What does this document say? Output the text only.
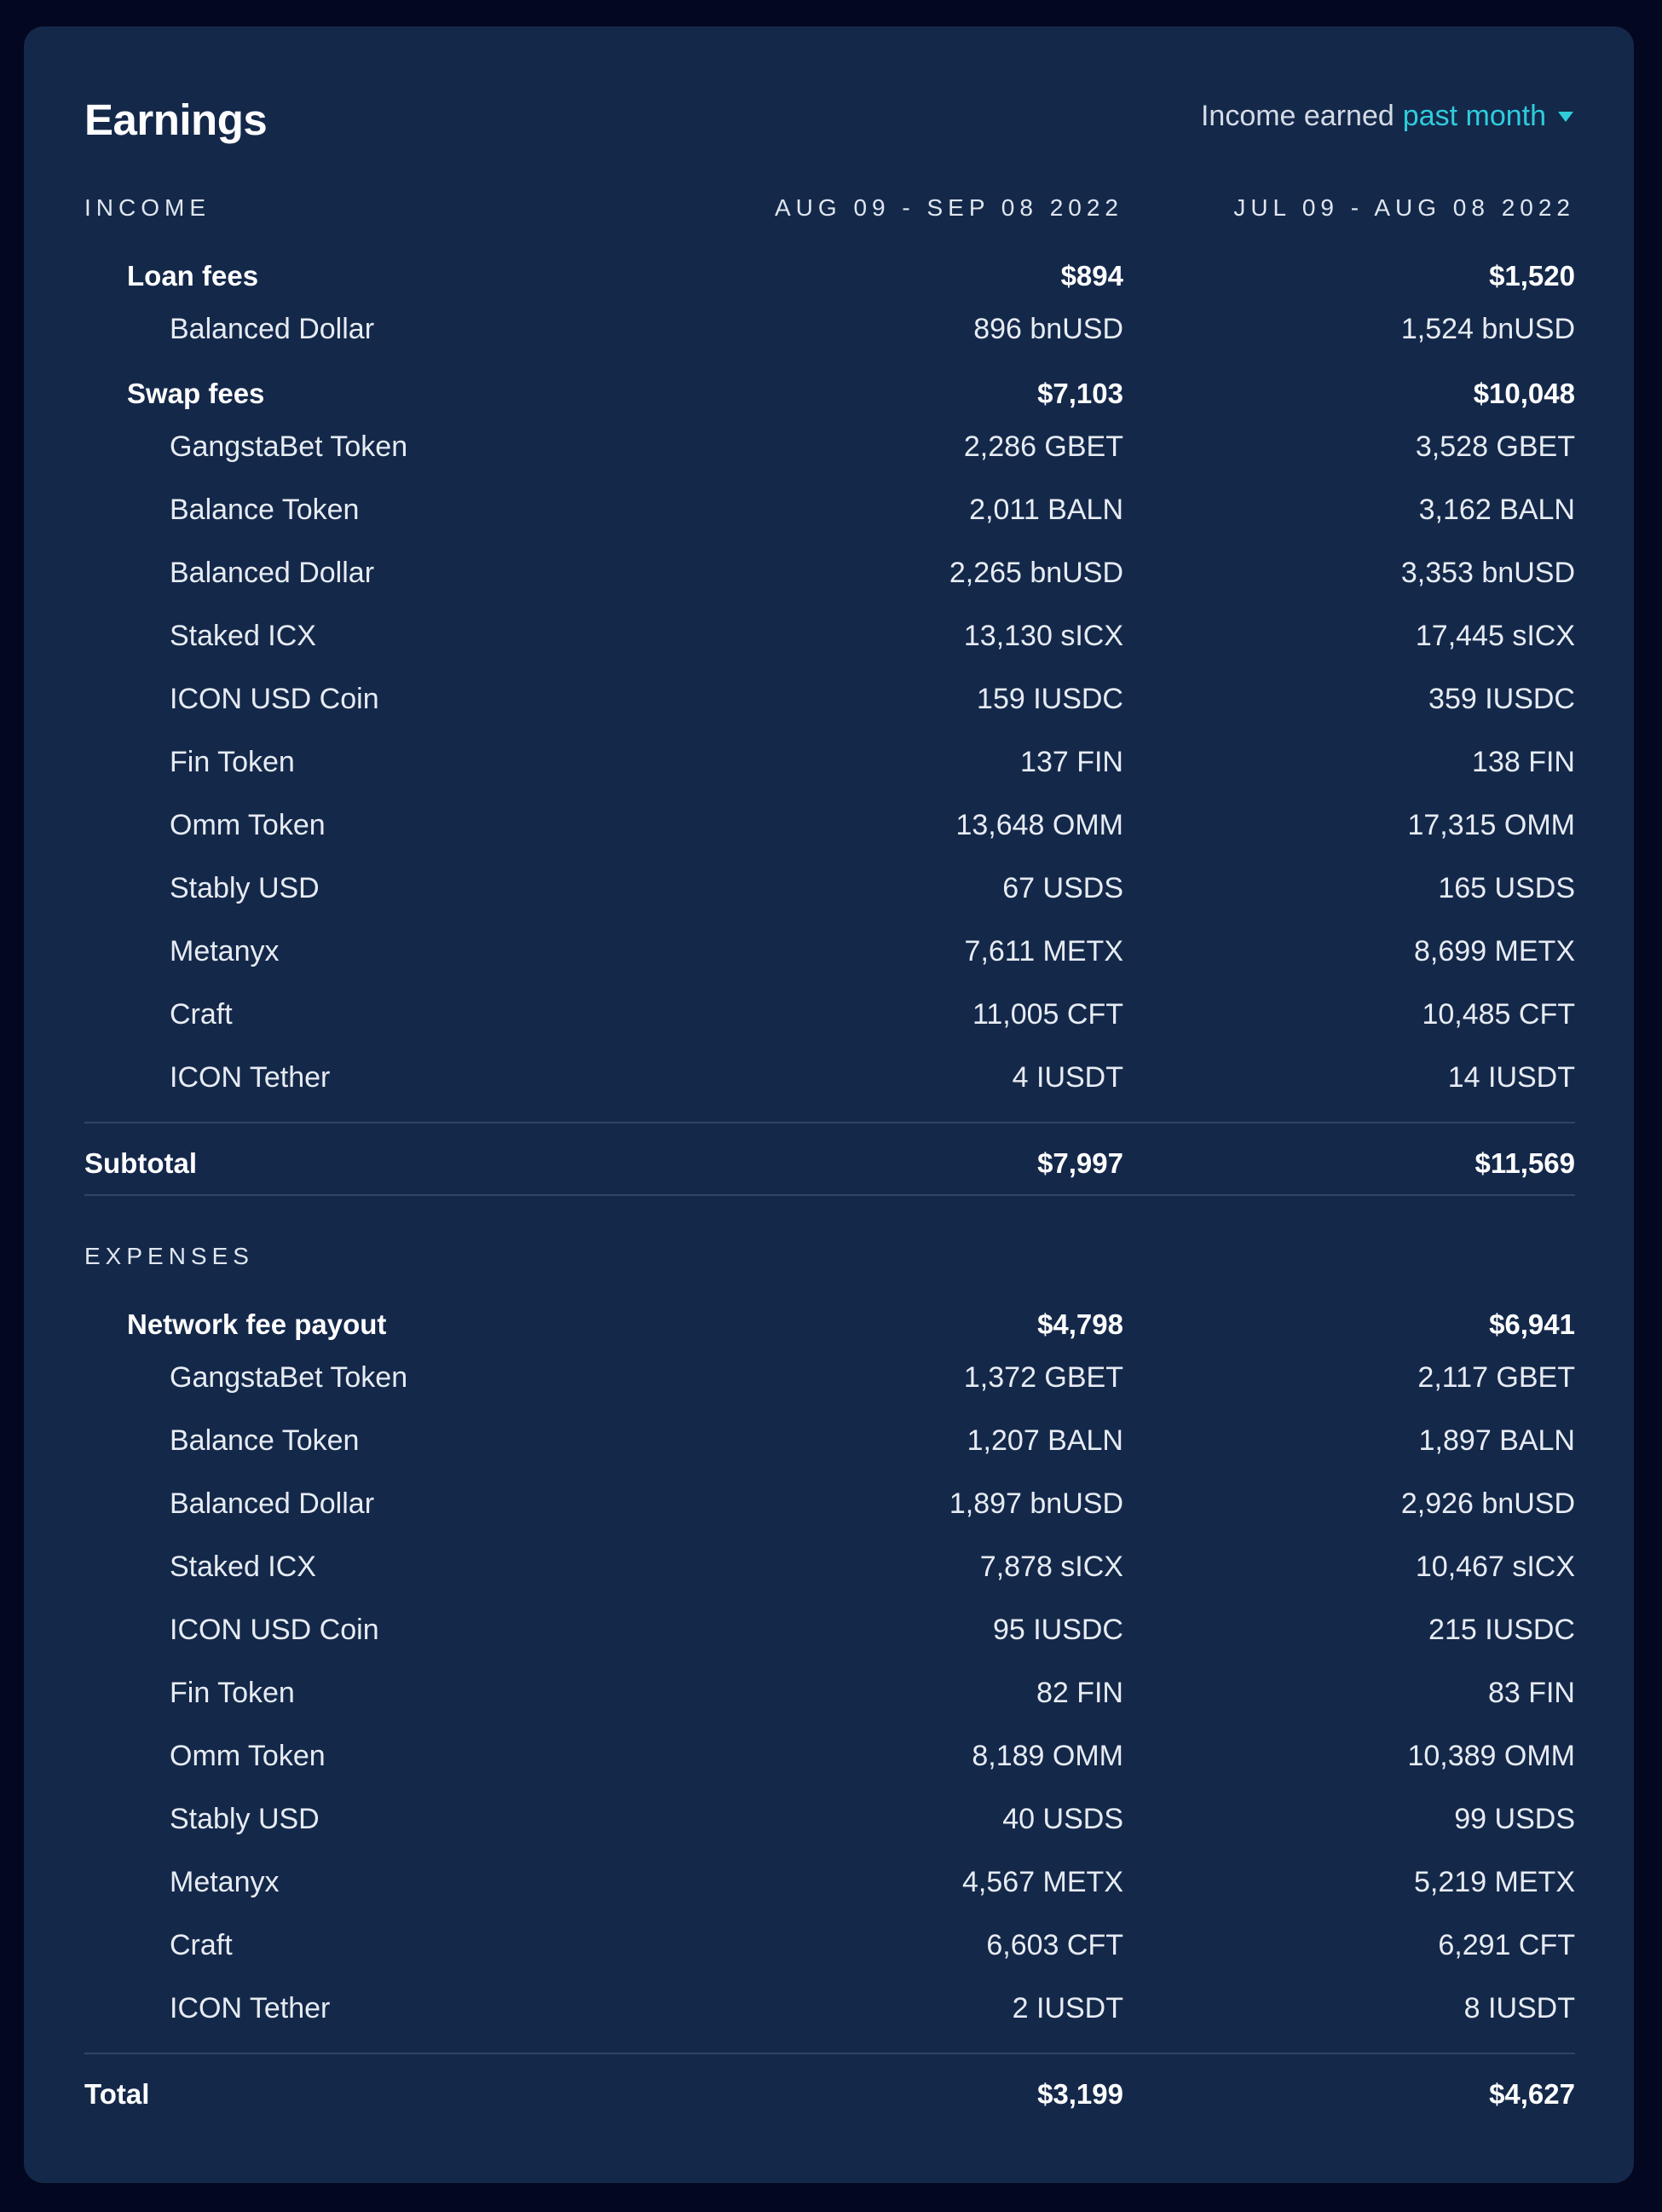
Earnings	Income earned past month
INCOME	AUG 09 - SEP 08 2022	JUL 09 - AUG 08 2022
Loan fees	$894	$1,520
Balanced Dollar	896 bnUSD	1,524 bnUSD
Swap fees	$7,103	$10,048
GangstaBet Token	2,286 GBET	3,528 GBET
Balance Token	2,011 BALN	3,162 BALN
Balanced Dollar	2,265 bnUSD	3,353 bnUSD
Staked ICX	13,130 sICX	17,445 sICX
ICON USD Coin	159 IUSDC	359 IUSDC
Fin Token	137 FIN	138 FIN
Omm Token	13,648 OMM	17,315 OMM
Stably USD	67 USDS	165 USDS
Metanyx	7,611 METX	8,699 METX
Craft	11,005 CFT	10,485 CFT
ICON Tether	4 IUSDT	14 IUSDT
Subtotal	$7,997	$11,569
EXPENSES
Network fee payout	$4,798	$6,941
GangstaBet Token	1,372 GBET	2,117 GBET
Balance Token	1,207 BALN	1,897 BALN
Balanced Dollar	1,897 bnUSD	2,926 bnUSD
Staked ICX	7,878 sICX	10,467 sICX
ICON USD Coin	95 IUSDC	215 IUSDC
Fin Token	82 FIN	83 FIN
Omm Token	8,189 OMM	10,389 OMM
Stably USD	40 USDS	99 USDS
Metanyx	4,567 METX	5,219 METX
Craft	6,603 CFT	6,291 CFT
ICON Tether	2 IUSDT	8 IUSDT
Total	$3,199	$4,627
